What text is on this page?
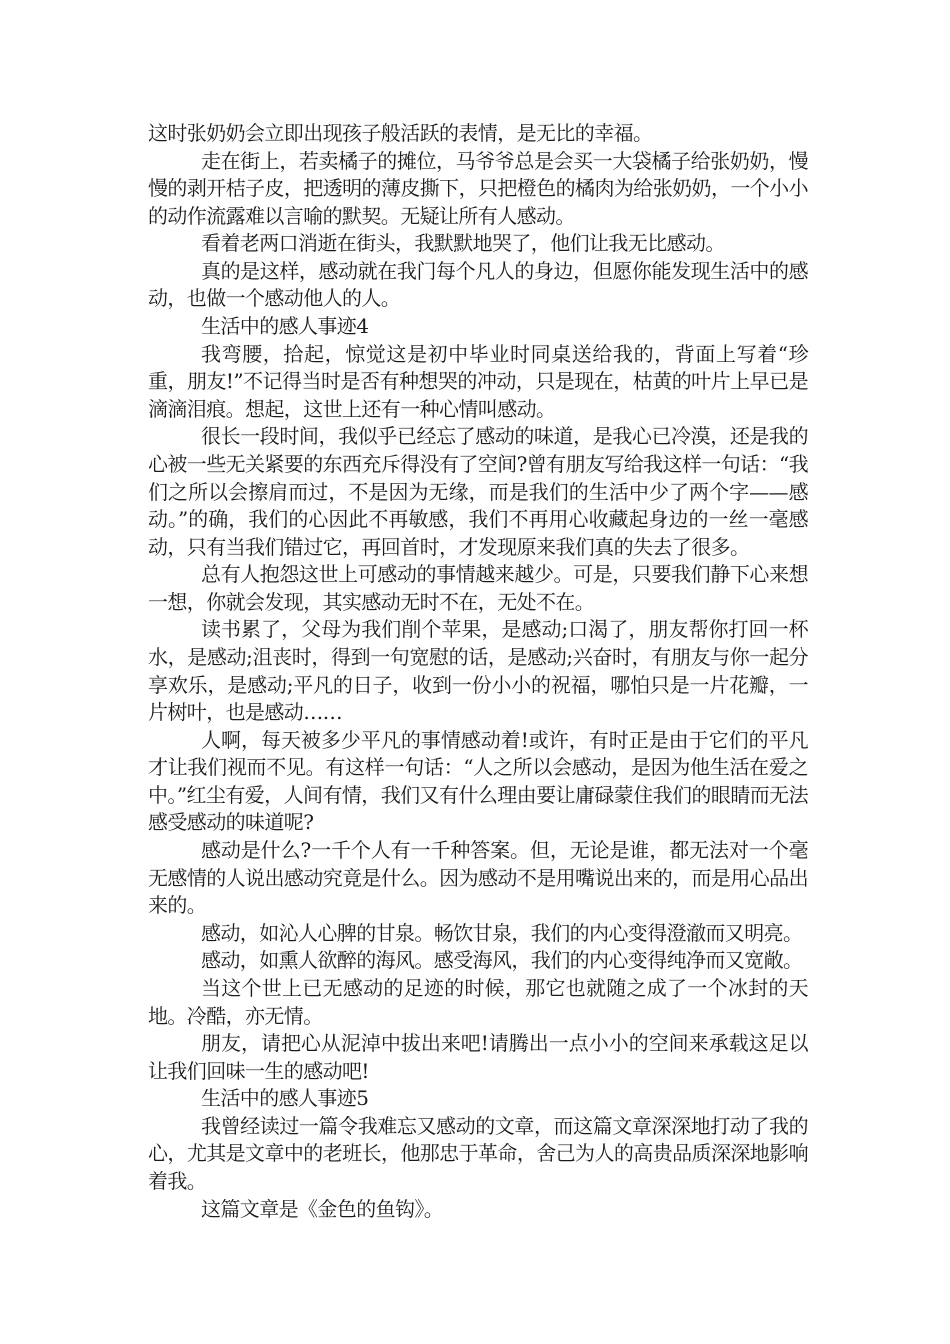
这时张奶奶会立即出现孩子般活跃的表情，是无比的幸福。

走在街上，若卖橘子的摊位，马爷爷总是会买一大袋橘子给张奶奶，慢慢的剥开桔子皮，把透明的薄皮撕下，只把橙色的橘肉为给张奶奶，一个小小的动作流露难以言喻的默契。无疑让所有人感动。

看着老两口消逝在街头，我默默地哭了，他们让我无比感动。

真的是这样，感动就在我门每个凡人的身边，但愿你能发现生活中的感动，也做一个感动他人的人。

生活中的感人事迹4

我弯腰，拾起，惊觉这是初中毕业时同桌送给我的，背面上写着“珍重，朋友!”不记得当时是否有种想哭的冲动，只是现在，枯黄的叶片上早已是滴滴泪痕。想起，这世上还有一种心情叫感动。

很长一段时间，我似乎已经忘了感动的味道，是我心已冷漠，还是我的心被一些无关紧要的东西充斥得没有了空间?曾有朋友写给我这样一句话：“我们之所以会擦肩而过，不是因为无缘，而是我们的生活中少了两个字——感动。”的确，我们的心因此不再敏感，我们不再用心收藏起身边的一丝一毫感动，只有当我们错过它，再回首时，才发现原来我们真的失去了很多。

总有人抱怨这世上可感动的事情越来越少。可是，只要我们静下心来想一想，你就会发现，其实感动无时不在，无处不在。

读书累了，父母为我们削个苹果，是感动;口渴了，朋友帮你打回一杯水，是感动;沮丧时，得到一句宽慰的话，是感动;兴奋时，有朋友与你一起分享欢乐，是感动;平凡的日子，收到一份小小的祝福，哪怕只是一片花瓣，一片树叶，也是感动……

人啊，每天被多少平凡的事情感动着!或许，有时正是由于它们的平凡才让我们视而不见。有这样一句话：“人之所以会感动，是因为他生活在爱之中。”红尘有爱，人间有情，我们又有什么理由要让庸碌蒙住我们的眼睛而无法感受感动的味道呢?

感动是什么?一千个人有一千种答案。但，无论是谁，都无法对一个毫无感情的人说出感动究竟是什么。因为感动不是用嘴说出来的，而是用心品出来的。

感动，如沁人心脾的甘泉。畅饮甘泉，我们的内心变得澄澈而又明亮。

感动，如熏人欲醉的海风。感受海风，我们的内心变得纯净而又宽敞。

当这个世上已无感动的足迹的时候，那它也就随之成了一个冰封的天地。冷酷，亦无情。

朋友，请把心从泥淖中拔出来吧!请腾出一点小小的空间来承载这足以让我们回味一生的感动吧!

生活中的感人事迹5

我曾经读过一篇令我难忘又感动的文章，而这篇文章深深地打动了我的心，尤其是文章中的老班长，他那忠于革命，舍己为人的高贵品质深深地影响着我。

这篇文章是《金色的鱼钩》。
